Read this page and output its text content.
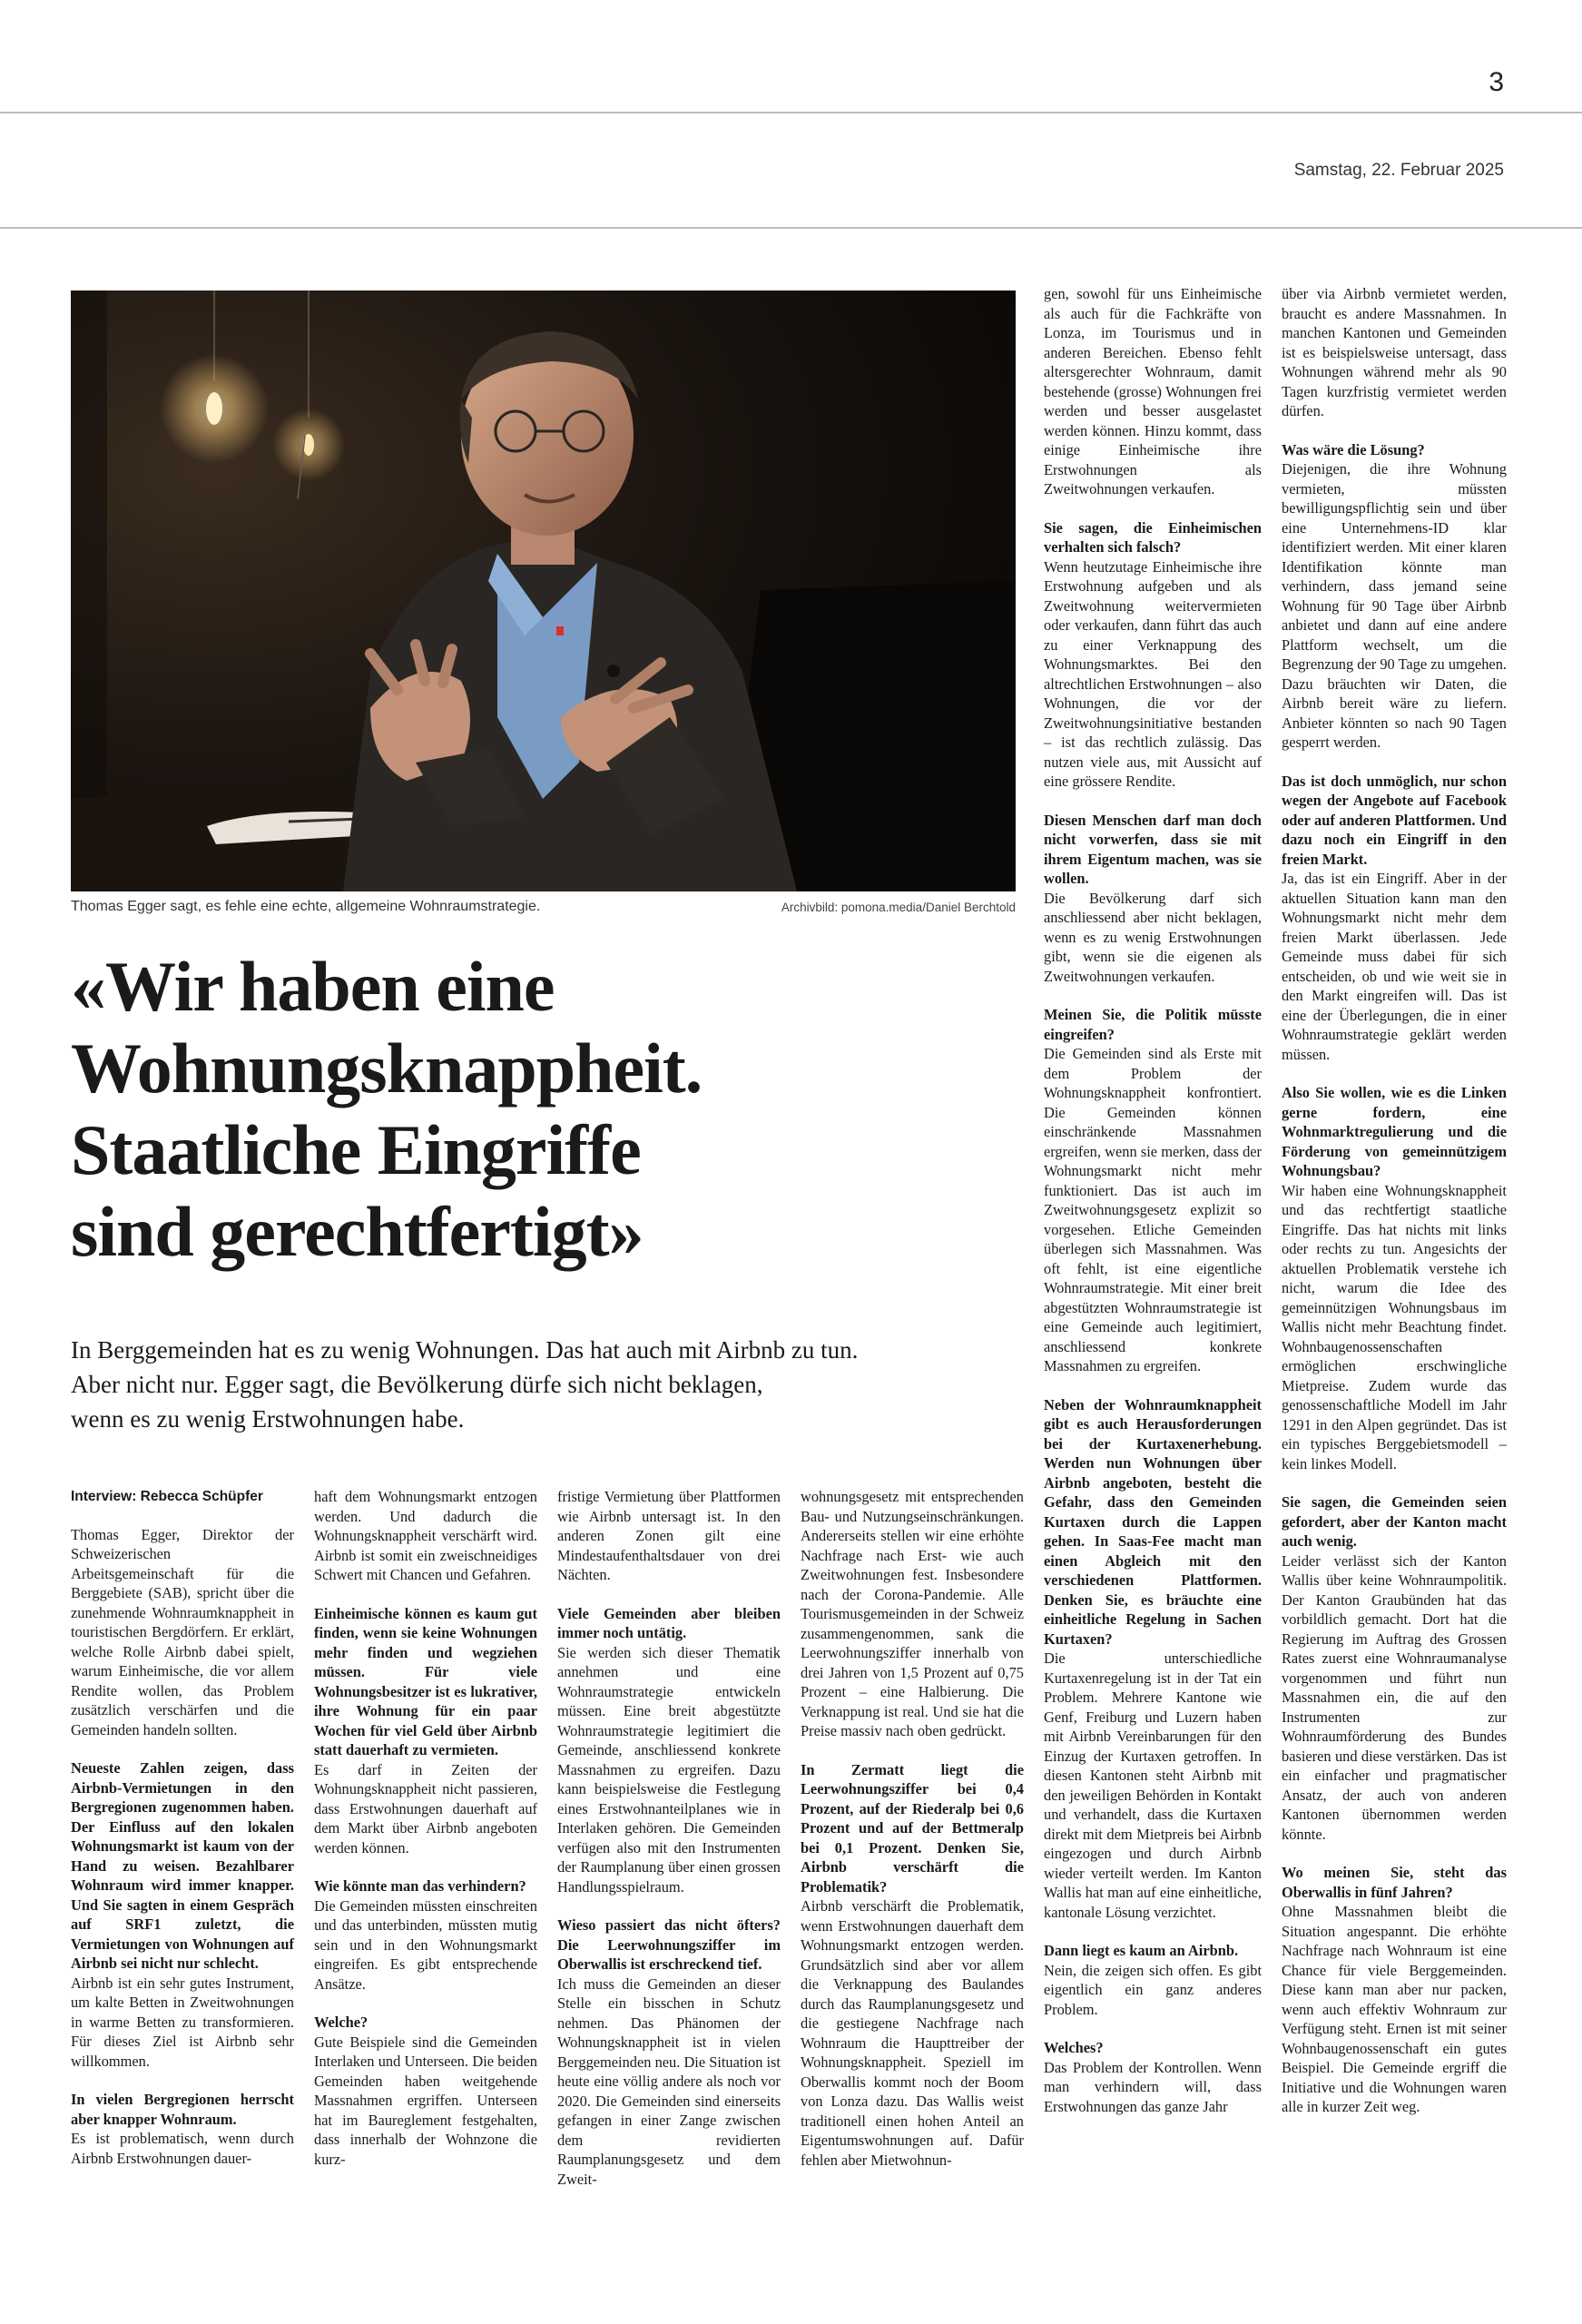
3
Samstag, 22. Februar 2025
Thomas Egger sagt, es fehle eine echte, allgemeine Wohnraumstrategie.	Archivbild: pomona.media/Daniel Berchtold
«Wir haben eine
Wohnungsknappheit.
Staatliche Eingriffe
sind gerechtfertigt»

In Berggemeinden hat es zu wenig Wohnungen. Das hat auch mit Airbnb zu tun.
Aber nicht nur. Egger sagt, die Bevölkerung dürfe sich nicht beklagen,
wenn es zu wenig Erstwohnungen habe.

Interview: Rebecca Schüpfer

Thomas Egger, Direktor der Schweizerischen Arbeitsgemeinschaft für die Berggebiete (SAB), spricht über die zunehmende Wohnraumknappheit in touristischen Bergdörfern. Er erklärt, welche Rolle Airbnb dabei spielt, warum Einheimische, die vor allem Rendite wollen, das Problem zusätzlich verschärfen und die Gemeinden handeln sollten.

Neueste Zahlen zeigen, dass Airbnb-Vermietungen in den Bergregionen zugenommen haben. Der Einfluss auf den lokalen Wohnungsmarkt ist kaum von der Hand zu weisen. Bezahlbarer Wohnraum wird immer knapper. Und Sie sagten in einem Gespräch auf SRF1 zuletzt, die Vermietungen von Wohnungen auf Airbnb sei nicht nur schlecht.

Airbnb ist ein sehr gutes Instrument, um kalte Betten in Zweitwohnungen in warme Betten zu transformieren. Für dieses Ziel ist Airbnb sehr willkommen.

In vielen Bergregionen herrscht aber knapper Wohnraum.

Es ist problematisch, wenn durch Airbnb Erstwohnungen dauer-

haft dem Wohnungsmarkt entzogen werden. Und dadurch die Wohnungsknappheit verschärft wird. Airbnb ist somit ein zweischneidiges Schwert mit Chancen und Gefahren.

Einheimische können es kaum gut finden, wenn sie keine Wohnungen mehr finden und wegziehen müssen. Für viele Wohnungsbesitzer ist es lukrativer, ihre Wohnung für ein paar Wochen für viel Geld über Airbnb statt dauerhaft zu vermieten.

Es darf in Zeiten der Wohnungsknappheit nicht passieren, dass Erstwohnungen dauerhaft auf dem Markt über Airbnb angeboten werden können.

Wie könnte man das verhindern?

Die Gemeinden müssten einschreiten und das unterbinden, müssten mutig sein und in den Wohnungsmarkt eingreifen. Es gibt entsprechende Ansätze.

Welche?

Gute Beispiele sind die Gemeinden Interlaken und Unterseen. Die beiden Gemeinden haben weitgehende Massnahmen ergriffen. Unterseen hat im Baureglement festgehalten, dass innerhalb der Wohnzone die kurz-

fristige Vermietung über Plattformen wie Airbnb untersagt ist. In den anderen Zonen gilt eine Mindestaufenthaltsdauer von drei Nächten.

Viele Gemeinden aber bleiben immer noch untätig.

Sie werden sich dieser Thematik annehmen und eine Wohnraumstrategie entwickeln müssen. Eine breit abgestützte Wohnraumstrategie legitimiert die Gemeinde, anschliessend konkrete Massnahmen zu ergreifen. Dazu kann beispielsweise die Festlegung eines Erstwohnanteilplanes wie in Interlaken gehören. Die Gemeinden verfügen also mit den Instrumenten der Raumplanung über einen grossen Handlungsspielraum.

Wieso passiert das nicht öfters? Die Leerwohnungsziffer im Oberwallis ist erschreckend tief.

Ich muss die Gemeinden an dieser Stelle ein bisschen in Schutz nehmen. Das Phänomen der Wohnungsknappheit ist in vielen Berggemeinden neu. Die Situation ist heute eine völlig andere als noch vor 2020. Die Gemeinden sind einerseits gefangen in einer Zange zwischen dem revidierten Raumplanungsgesetz und dem Zweit-

wohnungsgesetz mit entsprechenden Bau- und Nutzungseinschränkungen. Andererseits stellen wir eine erhöhte Nachfrage nach Erst- wie auch Zweitwohnungen fest. Insbesondere nach der Corona-Pandemie. Alle Tourismusgemeinden in der Schweiz zusammengenommen, sank die Leerwohnungsziffer innerhalb von drei Jahren von 1,5 Prozent auf 0,75 Prozent – eine Halbierung. Die Verknappung ist real. Und sie hat die Preise massiv nach oben gedrückt.

In Zermatt liegt die Leerwohnungsziffer bei 0,4 Prozent, auf der Riederalp bei 0,6 Prozent und auf der Bettmeralp bei 0,1 Prozent. Denken Sie, Airbnb verschärft die Problematik?

Airbnb verschärft die Problematik, wenn Erstwohnungen dauerhaft dem Wohnungsmarkt entzogen werden. Grundsätzlich sind aber vor allem die Verknappung des Baulandes durch das Raumplanungsgesetz und die gestiegene Nachfrage nach Wohnraum die Haupttreiber der Wohnungsknappheit. Speziell im Oberwallis kommt noch der Boom von Lonza dazu. Das Wallis weist traditionell einen hohen Anteil an Eigentumswohnungen auf. Dafür fehlen aber Mietwohnun-

gen, sowohl für uns Einheimische als auch für die Fachkräfte von Lonza, im Tourismus und in anderen Bereichen. Ebenso fehlt altersgerechter Wohnraum, damit bestehende (grosse) Wohnungen frei werden und besser ausgelastet werden können. Hinzu kommt, dass einige Einheimische ihre Erstwohnungen als Zweitwohnungen verkaufen.

Sie sagen, die Einheimischen verhalten sich falsch?

Wenn heutzutage Einheimische ihre Erstwohnung aufgeben und als Zweitwohnung weitervermieten oder verkaufen, dann führt das auch zu einer Verknappung des Wohnungsmarktes. Bei den altrechtlichen Erstwohnungen – also Wohnungen, die vor der Zweitwohnungsinitiative bestanden – ist das rechtlich zulässig. Das nutzen viele aus, mit Aussicht auf eine grössere Rendite.

Diesen Menschen darf man doch nicht vorwerfen, dass sie mit ihrem Eigentum machen, was sie wollen.

Die Bevölkerung darf sich anschliessend aber nicht beklagen, wenn es zu wenig Erstwohnungen gibt, wenn sie die eigenen als Zweitwohnungen verkaufen.

Meinen Sie, die Politik müsste eingreifen?

Die Gemeinden sind als Erste mit dem Problem der Wohnungsknappheit konfrontiert. Die Gemeinden können einschränkende Massnahmen ergreifen, wenn sie merken, dass der Wohnungsmarkt nicht mehr funktioniert. Das ist auch im Zweitwohnungsgesetz explizit so vorgesehen. Etliche Gemeinden überlegen sich Massnahmen. Was oft fehlt, ist eine eigentliche Wohnraumstrategie. Mit einer breit abgestützten Wohnraumstrategie ist eine Gemeinde auch legitimiert, anschliessend konkrete Massnahmen zu ergreifen.

Neben der Wohnraumknappheit gibt es auch Herausforderungen bei der Kurtaxenerhebung. Werden nun Wohnungen über Airbnb angeboten, besteht die Gefahr, dass den Gemeinden Kurtaxen durch die Lappen gehen. In Saas-Fee macht man einen Abgleich mit den verschiedenen Plattformen. Denken Sie, es bräuchte eine einheitliche Regelung in Sachen Kurtaxen?

Die unterschiedliche Kurtaxenregelung ist in der Tat ein Problem. Mehrere Kantone wie Genf, Freiburg und Luzern haben mit Airbnb Vereinbarungen für den Einzug der Kurtaxen getroffen. In diesen Kantonen steht Airbnb mit den jeweiligen Behörden in Kontakt und verhandelt, dass die Kurtaxen direkt mit dem Mietpreis bei Airbnb eingezogen und durch Airbnb wieder verteilt werden. Im Kanton Wallis hat man auf eine einheitliche, kantonale Lösung verzichtet.

Dann liegt es kaum an Airbnb.

Nein, die zeigen sich offen. Es gibt eigentlich ein ganz anderes Problem.

Welches?

Das Problem der Kontrollen. Wenn man verhindern will, dass Erstwohnungen das ganze Jahr

über via Airbnb vermietet werden, braucht es andere Massnahmen. In manchen Kantonen und Gemeinden ist es beispielsweise untersagt, dass Wohnungen während mehr als 90 Tagen kurzfristig vermietet werden dürfen.

Was wäre die Lösung?

Diejenigen, die ihre Wohnung vermieten, müssten bewilligungspflichtig sein und über eine Unternehmens-ID klar identifiziert werden. Mit einer klaren Identifikation könnte man verhindern, dass jemand seine Wohnung für 90 Tage über Airbnb anbietet und dann auf eine andere Plattform wechselt, um die Begrenzung der 90 Tage zu umgehen. Dazu bräuchten wir Daten, die Airbnb bereit wäre zu liefern. Anbieter könnten so nach 90 Tagen gesperrt werden.

Das ist doch unmöglich, nur schon wegen der Angebote auf Facebook oder auf anderen Plattformen. Und dazu noch ein Eingriff in den freien Markt.

Ja, das ist ein Eingriff. Aber in der aktuellen Situation kann man den Wohnungsmarkt nicht mehr dem freien Markt überlassen. Jede Gemeinde muss dabei für sich entscheiden, ob und wie weit sie in den Markt eingreifen will. Das ist eine der Überlegungen, die in einer Wohnraumstrategie geklärt werden müssen.

Also Sie wollen, wie es die Linken gerne fordern, eine Wohnmarktregulierung und die Förderung von gemeinnützigem Wohnungsbau?

Wir haben eine Wohnungsknappheit und das rechtfertigt staatliche Eingriffe. Das hat nichts mit links oder rechts zu tun. Angesichts der aktuellen Problematik verstehe ich nicht, warum die Idee des gemeinnützigen Wohnungsbaus im Wallis nicht mehr Beachtung findet. Wohnbaugenossenschaften ermöglichen erschwingliche Mietpreise. Zudem wurde das genossenschaftliche Modell im Jahr 1291 in den Alpen gegründet. Das ist ein typisches Berggebietsmodell – kein linkes Modell.

Sie sagen, die Gemeinden seien gefordert, aber der Kanton macht auch wenig.

Leider verlässt sich der Kanton Wallis über keine Wohnraumpolitik. Der Kanton Graubünden hat das vorbildlich gemacht. Dort hat die Regierung im Auftrag des Grossen Rates zuerst eine Wohnraumanalyse vorgenommen und führt nun Massnahmen ein, die auf den Instrumenten zur Wohnraumförderung des Bundes basieren und diese verstärken. Das ist ein einfacher und pragmatischer Ansatz, der auch von anderen Kantonen übernommen werden könnte.

Wo meinen Sie, steht das Oberwallis in fünf Jahren?

Ohne Massnahmen bleibt die Situation angespannt. Die erhöhte Nachfrage nach Wohnraum ist eine Chance für viele Berggemeinden. Diese kann man aber nur packen, wenn auch effektiv Wohnraum zur Verfügung steht. Ernen ist mit seiner Wohnbaugenossenschaft ein gutes Beispiel. Die Gemeinde ergriff die Initiative und die Wohnungen waren alle in kurzer Zeit weg.
